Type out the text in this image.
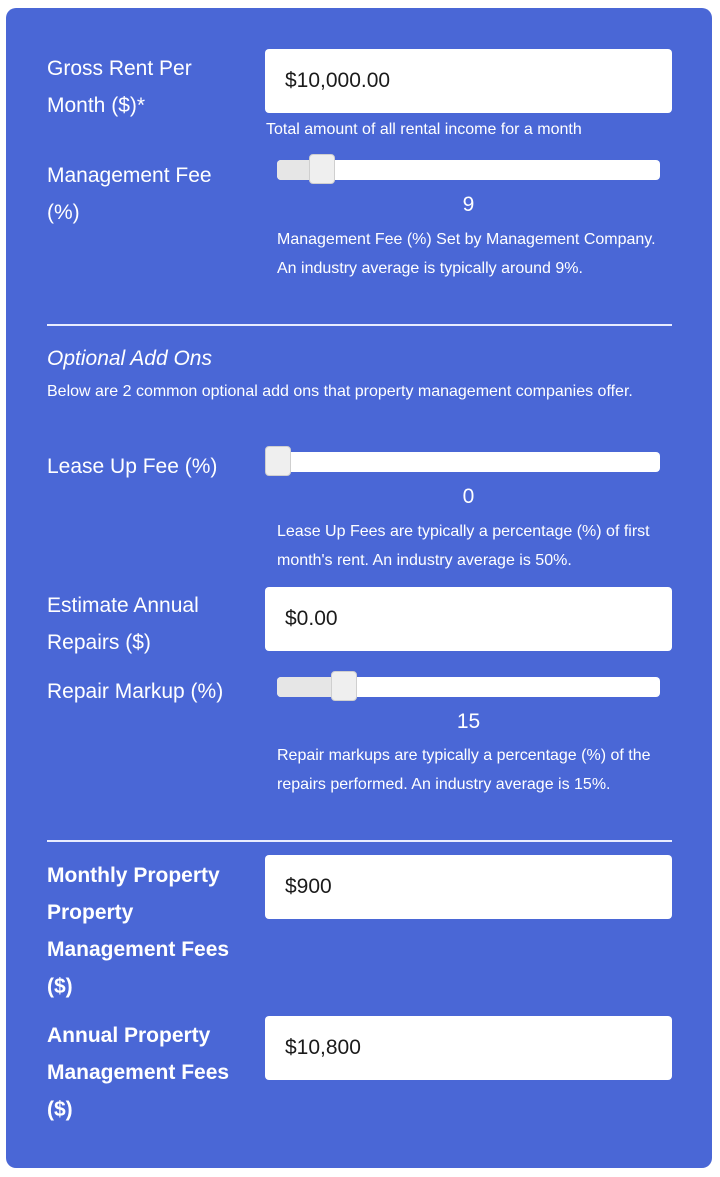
Gross Rent Per Month ($)*
$10,000.00
Total amount of all rental income for a month
Management Fee (%)	9
Management Fee (%) Set by Management Company. An industry average is typically around 9%.
Optional Add Ons
Below are 2 common optional add ons that property management companies offer.
Lease Up Fee (%)
0
Lease Up Fees are typically a percentage (%) of first month's rent. An industry average is 50%.
Estimate Annual Repairs ($)
$0.00
Repair Markup (%)
15
Repair markups are typically a percentage (%) of the repairs performed. An industry average is 15%.
Monthly Property Property Management Fees ($)
$900
Annual Property Management Fees ($)
$10,800
